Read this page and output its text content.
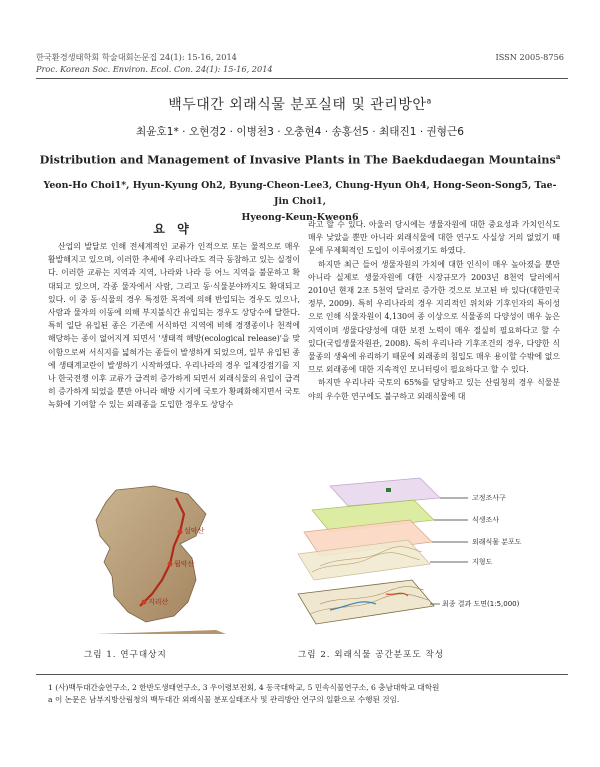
한국환경생태학회 학술대회논문집 24(1): 15-16, 2014	ISSN 2005-8756
Proc. Korean Soc. Environ. Ecol. Con. 24(1): 15-16, 2014
백두대간 외래식물 분포실태 및 관리방안$^a$
최윤호1* · 오현경2 · 이병천3 · 오충현4 · 송홍선5 · 최태진1 · 권형근6
Distribution and Management of Invasive Plants in The Baekdudaegan Mountains$^a$
Yeon-Ho Choi1*, Hyun-Kyung Oh2, Byung-Cheon-Lee3, Chung-Hyun Oh4, Hong-Seon-Song5, Tae-Jin Choi1,
Hyeong-Keun-Kweon6
요 약

산업의 발달로 인해 전세계적인 교류가 인적으로 또는 물적으로 매우 활발해지고 있으며, 이러한 추세에 우리나라도 적극 동참하고 있는 실정이다. 이러한 교류는 지역과 지역, 나라와 나라 등 어느 지역을 불문하고 확대되고 있으며, 각종 물자에서 사람, 그리고 동·식물분야까지도 확대되고 있다. 이 중 동·식물의 경우 특정한 목적에 의해 반입되는 경우도 있으나, 사람과 물자의 이동에 의해 부지불식간 유입되는 경우도 상당수에 달한다. 특히 일단 유입된 종은 기존에 서식하던 지역에 비해 경쟁종이나 천적에 해당하는 종이 없어지게 되면서 '생태적 해방(ecological release)'을 맞이함으로써 서식지를 넓혀가는 종들이 발생하게 되었으며, 일부 유입된 종에 생태계교란이 발생하기 시작하였다. 우리나라의 경우 일제강점기를 지나 한국전쟁 이후 교류가 급격히 증가하게 되면서 외래식물의 유입이 급격히 증가하게 되었을 뿐만 아니라 해방 시기에 국토가 황폐화해지면서 국토녹화에 기여할 수 있는 외래종을 도입한 경우도 상당수

라고 할 수 있다. 아울러 당시에는 생물자원에 대한 중요성과 가치인식도 매우 낮았을 뿐만 아니라 외래식물에 대한 연구도 사실상 거의 없었기 때문에 무제획적인 도입이 이루어졌기도 하였다.

하지만 최근 들어 생물자원의 가치에 대한 인식이 매우 높아졌을 뿐만 아니라 실제로 생물자원에 대한 시장규모가 2003년 8천억 달러에서 2010년 현재 2조 5천억 달러로 증가한 것으로 보고된 바 있다(대한민국정부, 2009). 특히 우리나라의 경우 지리적인 위치와 기후인자의 특이성으로 인해 식물자원이 4,130여 종 이상으로 식물종의 다양성이 매우 높은 지역이며 생물다양성에 대한 보전 노력이 매우 절실히 필요하다고 할 수 있다(국립생물자원관, 2008). 특히 우리나라 기후조건의 경우, 다양한 식물종의 생육에 유리하기 때문에 외래종의 침입도 매우 용이할 수밖에 없으므로 외래종에 대한 지속적인 모니터링이 필요하다고 할 수 있다.

하지만 우리나라 국토의 65%를 담당하고 있는 산림청의 경우 식물분야의 우수한 연구에도 불구하고 외래식물에 대

설악산
월악산
지리산
고정조사구
식생조사
외래식물 분포도
지형도
최종 결과 도면(1:5,000)
그림 1. 연구대상지	그림 2. 외래식물 공간분포도 작성
1 (사)백두대간숲연구소, 2 한반도생태연구소, 3 우이령보전회, 4 동국대학교, 5 민속식물연구소, 6 충남대학교 대학원
a 이 논문은 남부지방산림청의 백두대간 외래식물 분포실태조사 및 관리방안 연구의 일환으로 수행된 것임.
